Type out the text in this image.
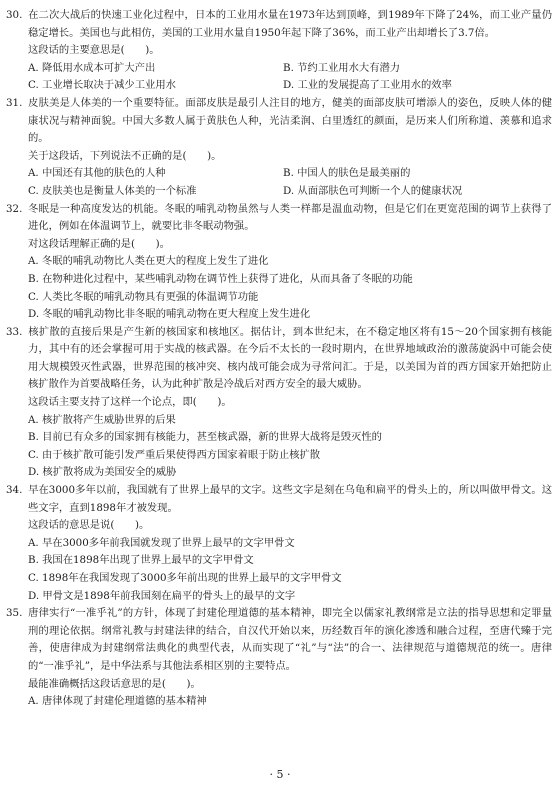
30. 在二次大战后的快速工业化过程中，日本的工业用水量在1973年达到顶峰，到1989年下降了24%，而工业产量仍稳定增长。美国也与此相仿，美国的工业用水量自1950年起下降了36%，而工业产出却增长了3.7倍。
这段话的主要意思是(　　)。
A. 降低用水成本可扩大产出	B. 节约工业用水大有潜力
C. 工业增长取决于减少工业用水	D. 工业的发展提高了工业用水的效率
31. 皮肤美是人体美的一个重要特征。面部皮肤是最引人注目的地方，健美的面部皮肤可增添人的姿色，反映人体的健康状况与精神面貌。中国大多数人属于黄肤色人种，光洁柔润、白里透红的颜面，是历来人们所称道、羡慕和追求的。
关于这段话，下列说法不正确的是(　　)。
A. 中国还有其他的肤色的人种	B. 中国人的肤色是最美丽的
C. 皮肤美也是衡量人体美的一个标准	D. 从面部肤色可判断一个人的健康状况
32. 冬眠是一种高度发达的机能。冬眠的哺乳动物虽然与人类一样都是温血动物，但是它们在更宽范围的调节上获得了进化，例如在体温调节上，就要比非冬眠动物强。
对这段话理解正确的是(　　)。
A. 冬眠的哺乳动物比人类在更大的程度上发生了进化
B. 在物种进化过程中，某些哺乳动物在调节性上获得了进化，从而具备了冬眠的功能
C. 人类比冬眠的哺乳动物具有更强的体温调节功能
D. 冬眠的哺乳动物比非冬眠的哺乳动物在更大程度上发生进化
33. 核扩散的直接后果是产生新的核国家和核地区。据估计，到本世纪末，在不稳定地区将有15～20个国家拥有核能力，其中有的还会掌握可用于实战的核武器。在今后不太长的一段时期内，在世界地域政治的激荡旋涡中可能会使用大规模毁灭性武器，世界范围的核冲突、核内战可能会成为寻常问汇。于是，以美国为首的西方国家开始把防止核扩散作为首要战略任务，认为此种扩散是冷战后对西方安全的最大威胁。
这段话主要支持了这样一个论点，即(　　)。
A. 核扩散将产生威胁世界的后果
B. 目前已有众多的国家拥有核能力，甚至核武器，新的世界大战将是毁灭性的
C. 由于核扩散可能引发严重后果使得西方国家着眼于防止核扩散
D. 核扩散将成为美国安全的威胁
34. 早在3000多年以前，我国就有了世界上最早的文字。这些文字是刻在乌龟和扁平的骨头上的，所以叫做甲骨文。这些文字，直到1898年才被发现。
这段话的意思是说(　　)。
A. 早在3000多年前我国就发现了世界上最早的文字甲骨文
B. 我国在1898年出现了世界上最早的文字甲骨文
C. 1898年在我国发现了3000多年前出现的世界上最早的文字甲骨文
D. 甲骨文是1898年前我国刻在扁平的骨头上的最早的文字
35. 唐律实行“一准乎礼”的方针，体现了封建伦理道德的基本精神，即完全以儒家礼教纲常是立法的指导思想和定罪量刑的理论依据。纲常礼教与封建法律的结合，自汉代开始以来，历经数百年的演化渗透和融合过程，至唐代臻于完善，使唐律成为封建纲常法典化的典型代表，从而实现了“礼”与“法”的合一、法律规范与道德规范的统一。唐律的“一准乎礼”，是中华法系与其他法系相区别的主要特点。
最能准确概括这段话意思的是(　　)。
A. 唐律体现了封建伦理道德的基本精神
· 5 ·
